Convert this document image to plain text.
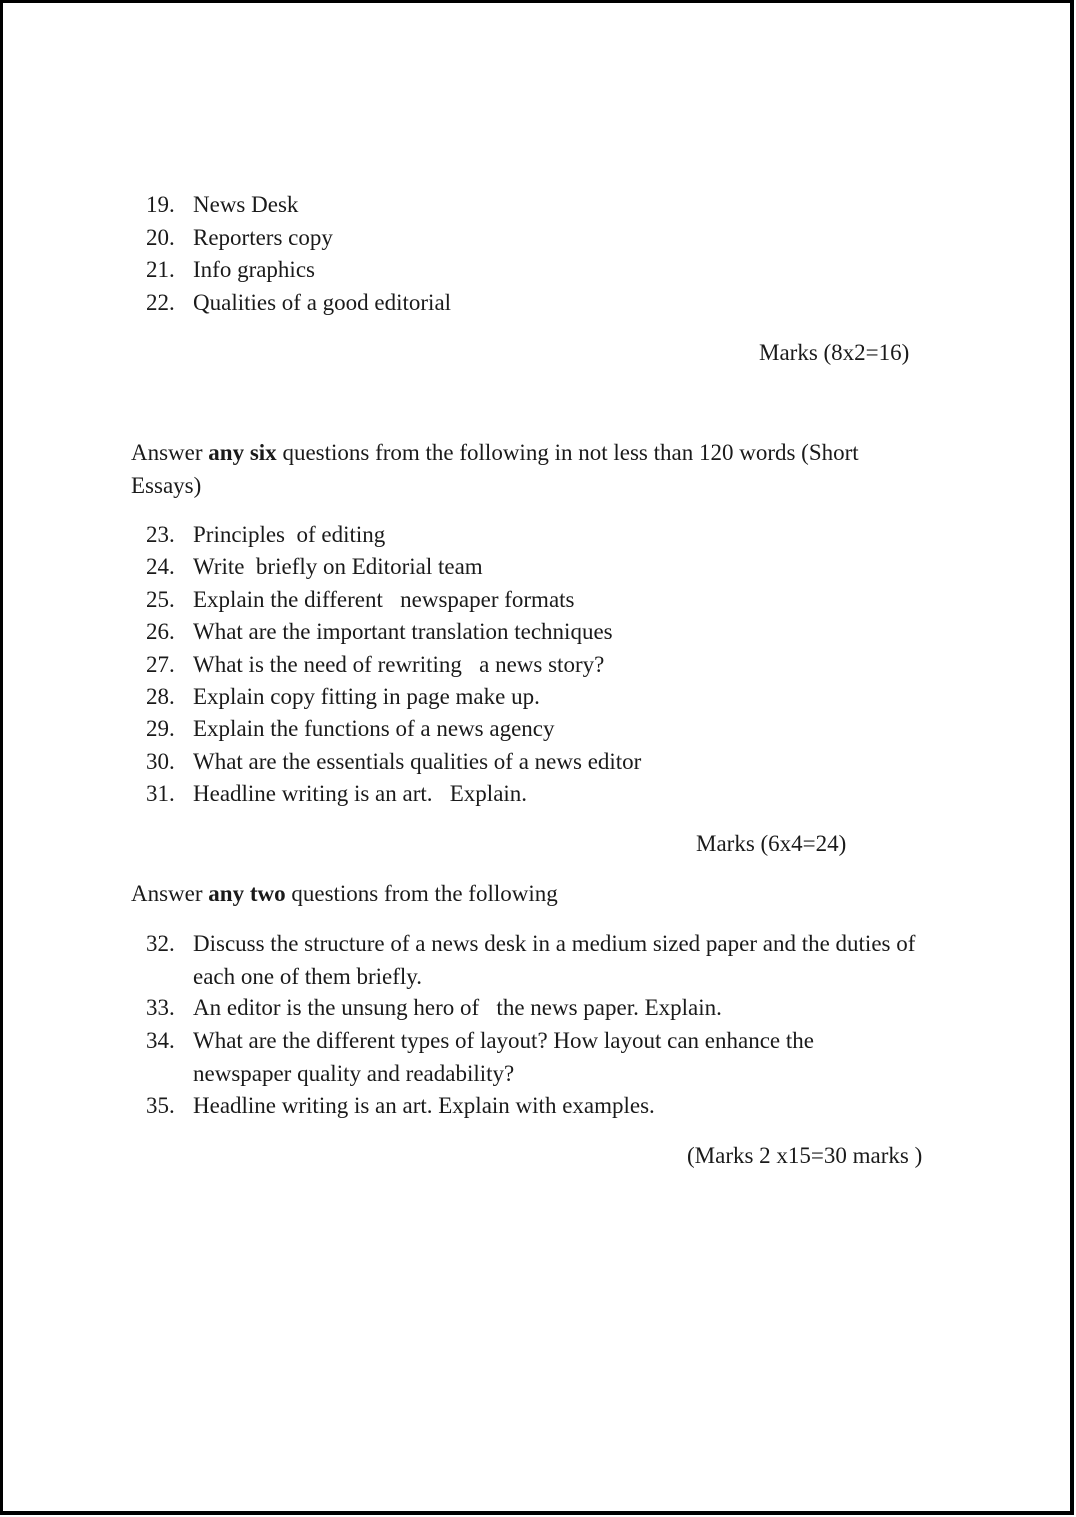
19. News Desk
20. Reporters copy
21. Info graphics
22. Qualities of a good editorial
Marks (8x2=16)
Answer any six questions from the following in not less than 120 words (Short Essays)
23. Principles  of editing
24. Write  briefly on Editorial team
25. Explain the different   newspaper formats
26. What are the important translation techniques
27. What is the need of rewriting   a news story?
28. Explain copy fitting in page make up.
29. Explain the functions of a news agency
30. What are the essentials qualities of a news editor
31. Headline writing is an art.   Explain.
Marks (6x4=24)
Answer any two questions from the following
32. Discuss the structure of a news desk in a medium sized paper and the duties of each one of them briefly.
33. An editor is the unsung hero of   the news paper. Explain.
34. What are the different types of layout? How layout can enhance the newspaper quality and readability?
35. Headline writing is an art. Explain with examples.
(Marks 2 x15=30 marks )
